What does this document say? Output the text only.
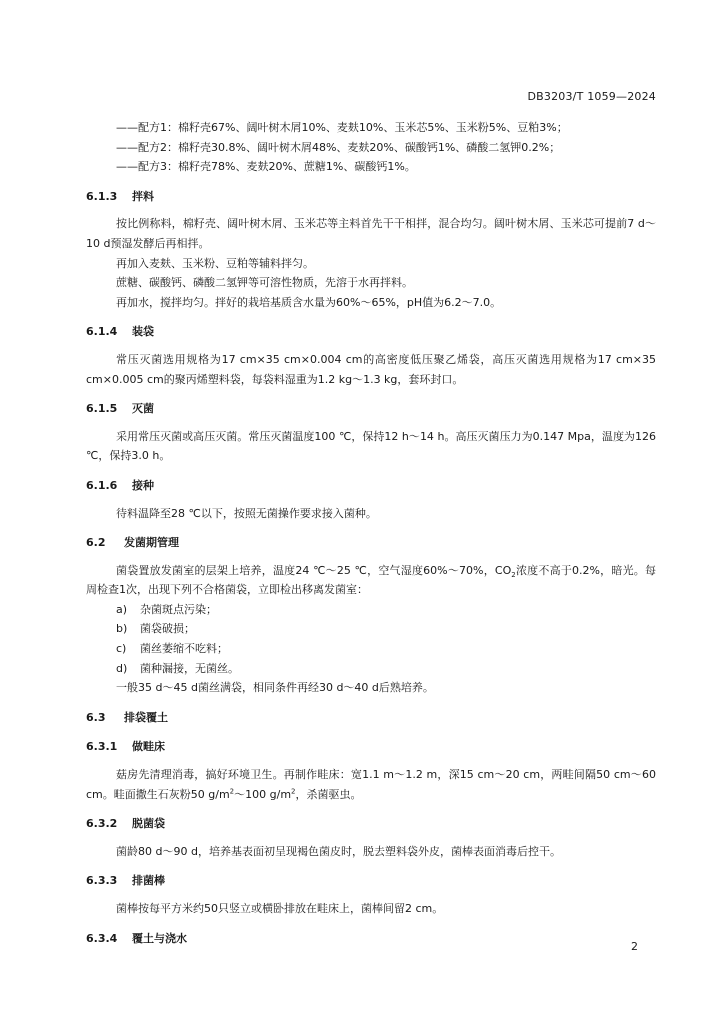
DB3203/T 1059—2024
——配方1：棉籽壳67%、阔叶树木屑10%、麦麸10%、玉米芯5%、玉米粉5%、豆粕3%；
——配方2：棉籽壳30.8%、阔叶树木屑48%、麦麸20%、碳酸钙1%、磷酸二氢钾0.2%；
——配方3：棉籽壳78%、麦麸20%、蔗糖1%、碳酸钙1%。
6.1.3 拌料
按比例称料，棉籽壳、阔叶树木屑、玉米芯等主料首先干干相拌，混合均匀。阔叶树木屑、玉米芯可提前7 d～10 d预湿发酵后再相拌。
再加入麦麸、玉米粉、豆粕等辅料拌匀。
蔗糖、碳酸钙、磷酸二氢钾等可溶性物质，先溶于水再拌料。
再加水，搅拌均匀。拌好的栽培基质含水量为60%～65%，pH值为6.2～7.0。
6.1.4 装袋
常压灭菌选用规格为17 cm×35 cm×0.004 cm的高密度低压聚乙烯袋，高压灭菌选用规格为17 cm×35 cm×0.005 cm的聚丙烯塑料袋，每袋料湿重为1.2 kg～1.3 kg，套环封口。
6.1.5 灭菌
采用常压灭菌或高压灭菌。常压灭菌温度100 ℃，保持12 h～14 h。高压灭菌压力为0.147 Mpa，温度为126 ℃，保持3.0 h。
6.1.6 接种
待料温降至28 ℃以下，按照无菌操作要求接入菌种。
6.2 发菌期管理
菌袋置放发菌室的层架上培养，温度24 ℃～25 ℃，空气湿度60%～70%，$CO_2$浓度不高于0.2%，暗光。每周检查1次，出现下列不合格菌袋，立即检出移离发菌室：
a) 杂菌斑点污染；
b) 菌袋破损；
c) 菌丝萎缩不吃料；
d) 菌种漏接，无菌丝。
一般35 d～45 d菌丝满袋，相同条件再经30 d～40 d后熟培养。
6.3 排袋覆土
6.3.1 做畦床
菇房先清理消毒，搞好环境卫生。再制作畦床：宽1.1 m～1.2 m，深15 cm～20 cm，两畦间隔50 cm～60 cm。畦面撒生石灰粉50 $g/m^2\sim 100$ $g/m^2$，杀菌驱虫。
6.3.2 脱菌袋
菌龄80 d～90 d，培养基表面初呈现褐色菌皮时，脱去塑料袋外皮，菌棒表面消毒后控干。
6.3.3 排菌棒
菌棒按每平方米约50只竖立或横卧排放在畦床上，菌棒间留2 cm。
6.3.4 覆土与浇水
2
